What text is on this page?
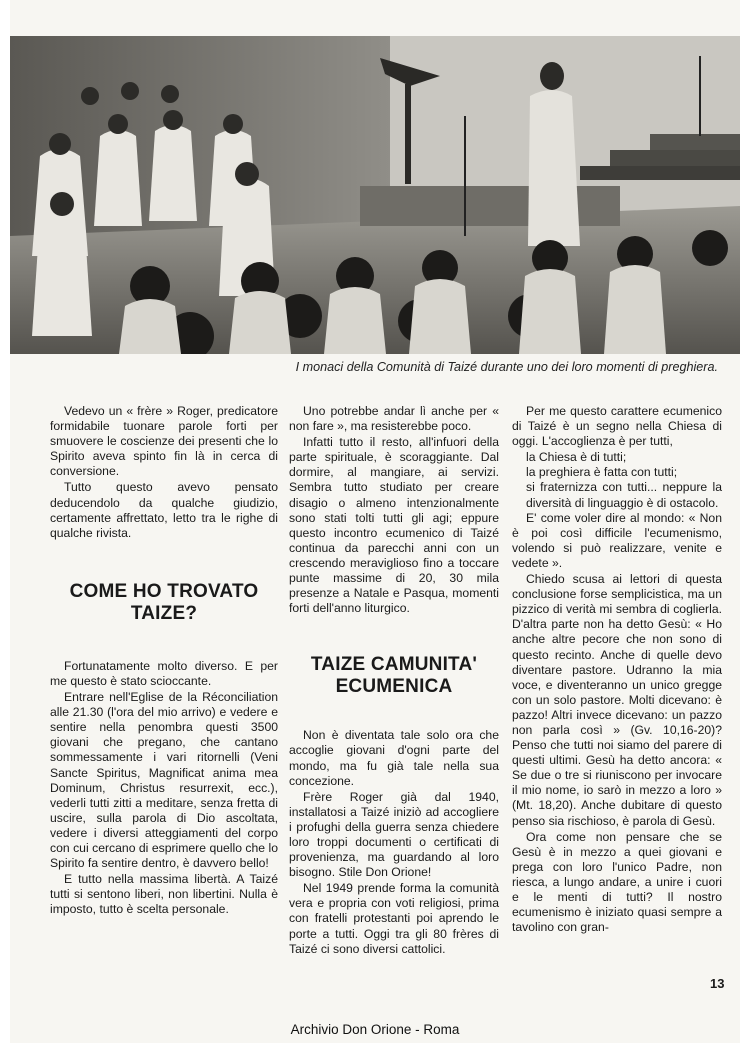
I monaci della Comunità di Taizé durante uno dei loro momenti di preghiera.

Vedevo un « frère » Roger, predicatore formidabile tuonare parole forti per smuovere le coscienze dei presenti che lo Spirito aveva spinto fin là in cerca di conversione.

Tutto questo avevo pensato deducendolo da qualche giudizio, certamente affrettato, letto tra le righe di qualche rivista.

COME HO TROVATO TAIZE?

Fortunatamente molto diverso. E per me questo è stato scioccante.

Entrare nell'Eglise de la Réconciliation alle 21.30 (l'ora del mio arrivo) e vedere e sentire nella penombra questi 3500 giovani che pregano, che cantano sommessamente i vari ritornelli (Veni Sancte Spiritus, Magnificat anima mea Dominum, Christus resurrexit, ecc.), vederli tutti zitti a meditare, senza fretta di uscire, sulla parola di Dio ascoltata, vedere i diversi atteggiamenti del corpo con cui cercano di esprimere quello che lo Spirito fa sentire dentro, è davvero bello!

E tutto nella massima libertà. A Taizé tutti si sentono liberi, non libertini. Nulla è imposto, tutto è scelta personale.

Uno potrebbe andar lì anche per « non fare », ma resisterebbe poco.

Infatti tutto il resto, all'infuori della parte spirituale, è scoraggiante. Dal dormire, al mangiare, ai servizi. Sembra tutto studiato per creare disagio o almeno intenzionalmente sono stati tolti tutti gli agi; eppure questo incontro ecumenico di Taizé continua da parecchi anni con un crescendo meraviglioso fino a toccare punte massime di 20, 30 mila presenze a Natale e Pasqua, momenti forti dell'anno liturgico.

TAIZE CAMUNITA' ECUMENICA

Non è diventata tale solo ora che accoglie giovani d'ogni parte del mondo, ma fu già tale nella sua concezione.

Frère Roger già dal 1940, installatosi a Taizé iniziò ad accogliere i profughi della guerra senza chiedere loro troppi documenti o certificati di provenienza, ma guardando al loro bisogno. Stile Don Orione!

Nel 1949 prende forma la comunità vera e propria con voti religiosi, prima con fratelli protestanti poi aprendo le porte a tutti. Oggi tra gli 80 frères di Taizé ci sono diversi cattolici.

Per me questo carattere ecumenico di Taizé è un segno nella Chiesa di oggi. L'accoglienza è per tutti,

la Chiesa è di tutti;

la preghiera è fatta con tutti;

si fraternizza con tutti... neppure la diversità di linguaggio è di ostacolo.

E' come voler dire al mondo: « Non è poi così difficile l'ecumenismo, volendo si può realizzare, venite e vedete ».

Chiedo scusa ai lettori di questa conclusione forse semplicistica, ma un pizzico di verità mi sembra di coglierla. D'altra parte non ha detto Gesù: « Ho anche altre pecore che non sono di questo recinto. Anche di quelle devo diventare pastore. Udranno la mia voce, e diventeranno un unico gregge con un solo pastore. Molti dicevano: è pazzo! Altri invece dicevano: un pazzo non parla così » (Gv. 10,16-20)? Penso che tutti noi siamo del parere di questi ultimi. Gesù ha detto ancora: « Se due o tre si riuniscono per invocare il mio nome, io sarò in mezzo a loro » (Mt. 18,20). Anche dubitare di questo penso sia rischioso, è parola di Gesù.

Ora come non pensare che se Gesù è in mezzo a quei giovani e prega con loro l'unico Padre, non riesca, a lungo andare, a unire i cuori e le menti di tutti? Il nostro ecumenismo è iniziato quasi sempre a tavolino con gran-

13
Archivio Don Orione - Roma
